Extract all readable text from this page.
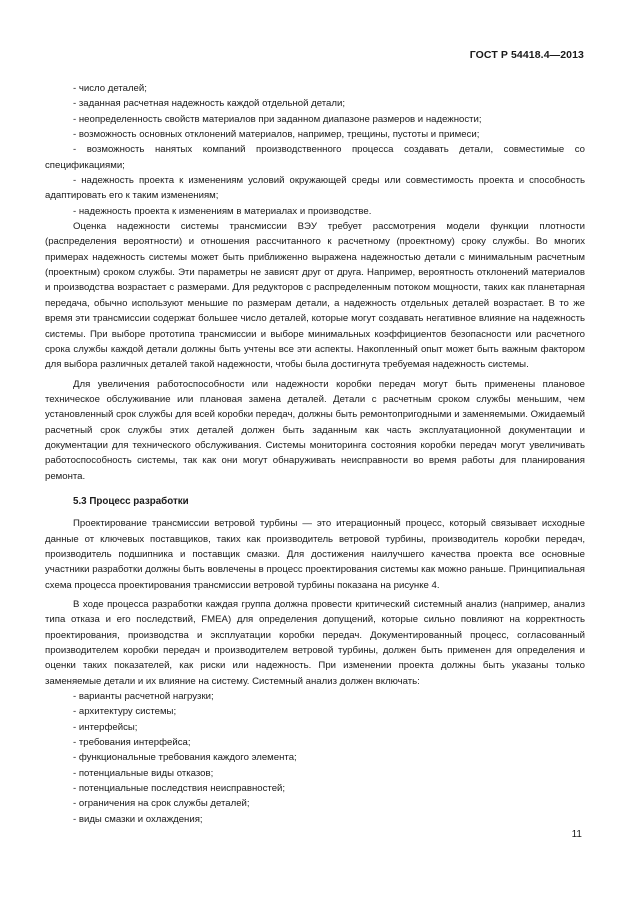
ГОСТ Р 54418.4—2013

- число деталей;

- заданная расчетная надежность каждой отдельной детали;

- неопределенность свойств материалов при заданном диапазоне размеров и надежности;

- возможность основных отклонений материалов, например, трещины, пустоты и примеси;

- возможность нанятых компаний производственного процесса создавать детали, совместимые со спецификациями;

- надежность проекта к изменениям условий окружающей среды или совместимость проекта и способность адаптировать его к таким изменениям;

- надежность проекта к изменениям в материалах и производстве.

Оценка надежности системы трансмиссии ВЭУ требует рассмотрения модели функции плотности (распределения вероятности) и отношения рассчитанного к расчетному (проектному) сроку службы. Во многих примерах надежность системы может быть приближенно выражена надежностью детали с минимальным расчетным (проектным) сроком службы. Эти параметры не зависят друг от друга. Например, вероятность отклонений материалов и производства возрастает с размерами. Для редукторов с распределенным потоком мощности, таких как планетарная передача, обычно используют меньшие по размерам детали, а надежность отдельных деталей возрастает. В то же время эти трансмиссии содержат большее число деталей, которые могут создавать негативное влияние на надежность системы. При выборе прототипа трансмиссии и выборе минимальных коэффициентов безопасности или расчетного срока службы каждой детали должны быть учтены все эти аспекты. Накопленный опыт может быть важным фактором для выбора различных деталей такой надежности, чтобы была достигнута требуемая надежность системы.

Для увеличения работоспособности или надежности коробки передач могут быть применены плановое техническое обслуживание или плановая замена деталей. Детали с расчетным сроком службы меньшим, чем установленный срок службы для всей коробки передач, должны быть ремонтопригодными и заменяемыми. Ожидаемый расчетный срок службы этих деталей должен быть заданным как часть эксплуатационной документации и документации для технического обслуживания. Системы мониторинга состояния коробки передач могут увеличивать работоспособность системы, так как они могут обнаруживать неисправности во время работы для планирования ремонта.

5.3 Процесс разработки

Проектирование трансмиссии ветровой турбины — это итерационный процесс, который связывает исходные данные от ключевых поставщиков, таких как производитель ветровой турбины, производитель коробки передач, производитель подшипника и поставщик смазки. Для достижения наилучшего качества проекта все основные участники разработки должны быть вовлечены в процесс проектирования системы как можно раньше. Принципиальная схема процесса проектирования трансмиссии ветровой турбины показана на рисунке 4.

В ходе процесса разработки каждая группа должна провести критический системный анализ (например, анализ типа отказа и его последствий, FMEA) для определения допущений, которые сильно повлияют на корректность проектирования, производства и эксплуатации коробки передач. Документированный процесс, согласованный производителем коробки передач и производителем ветровой турбины, должен быть применен для определения и оценки таких показателей, как риски или надежность. При изменении проекта должны быть указаны только заменяемые детали и их влияние на систему. Системный анализ должен включать:

- варианты расчетной нагрузки;

- архитектуру системы;

- интерфейсы;

- требования интерфейса;

- функциональные требования каждого элемента;

- потенциальные виды отказов;

- потенциальные последствия неисправностей;

- ограничения на срок службы деталей;

- виды смазки и охлаждения;

11
